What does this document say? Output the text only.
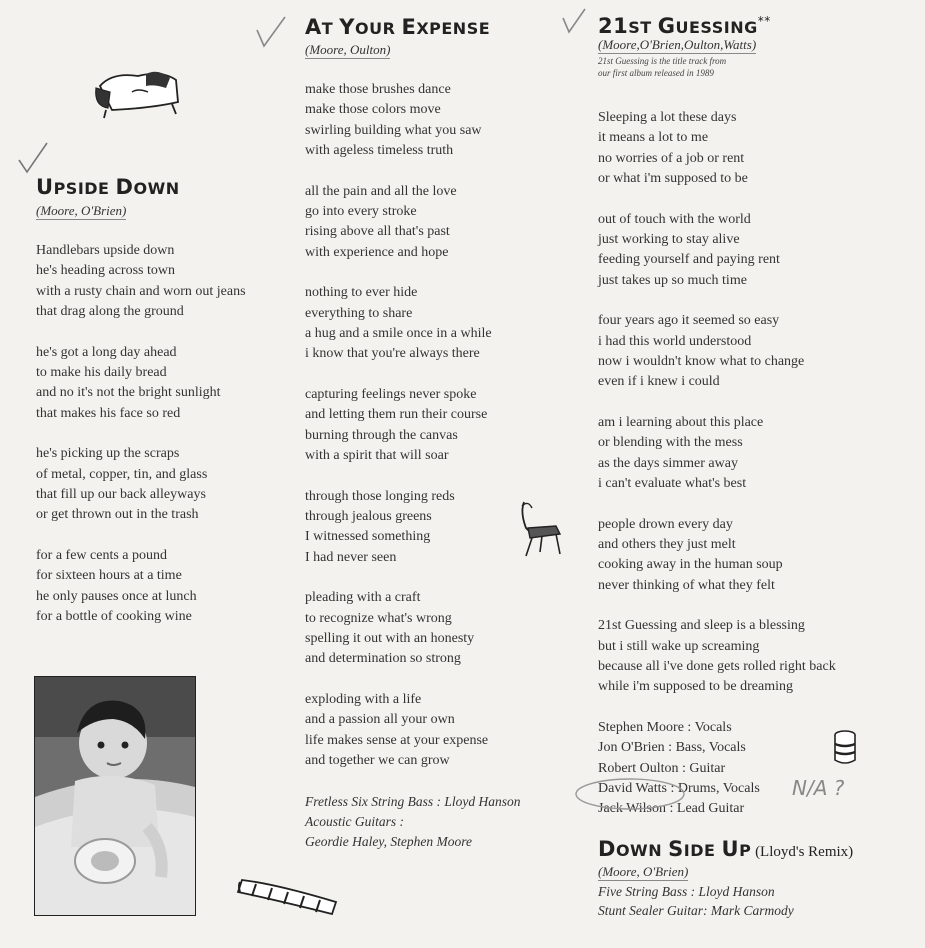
UPSIDE DOWN

(Moore, O'Brien)

Handlebars upside down
he's heading across town
with a rusty chain and worn out jeans
that drag along the ground
he's got a long day ahead
to make his daily bread
and no it's not the bright sunlight
that makes his face so red
he's picking up the scraps
of metal, copper, tin, and glass
that fill up our back alleyways
or get thrown out in the trash
for a few cents a pound
for sixteen hours at a time
he only pauses once at lunch
for a bottle of cooking wine
AT YOUR EXPENSE

(Moore, Oulton)

make those brushes dance
make those colors move
swirling building what you saw
with ageless timeless truth
all the pain and all the love
go into every stroke
rising above all that's past
with experience and hope
nothing to ever hide
everything to share
a hug and a smile once in a while
i know that you're always there
capturing feelings never spoke
and letting them run their course
burning through the canvas
with a spirit that will soar
through those longing reds
through jealous greens
I witnessed something
I had never seen
pleading with a craft
to recognize what's wrong
spelling it out with an honesty
and determination so strong
exploding with a life
and a passion all your own
life makes sense at your expense
and together we can grow
Fretless Six String Bass : Lloyd Hanson
Acoustic Guitars :
Geordie Haley, Stephen Moore
21ST GUESSING**

(Moore,O'Brien,Oulton,Watts)

21st Guessing is the title track from
our first album released in 1989

Sleeping a lot these days
it means a lot to me
no worries of a job or rent
or what i'm supposed to be
out of touch with the world
just working to stay alive
feeding yourself and paying rent
just takes up so much time
four years ago it seemed so easy
i had this world understood
now i wouldn't know what to change
even if i knew i could
am i learning about this place
or blending with the mess
as the days simmer away
i can't evaluate what's best
people drown every day
and others they just melt
cooking away in the human soup
never thinking of what they felt
21st Guessing and sleep is a blessing
but i still wake up screaming
because all i've done gets rolled right back
while i'm supposed to be dreaming
Stephen Moore : Vocals
Jon O'Brien : Bass, Vocals
Robert Oulton : Guitar
David Watts : Drums, Vocals
Jack Wilson : Lead Guitar
N/A ?
DOWN SIDE UP (Lloyd's Remix)

(Moore, O'Brien)

Five String Bass : Lloyd Hanson
Stunt Sealer Guitar: Mark Carmody
